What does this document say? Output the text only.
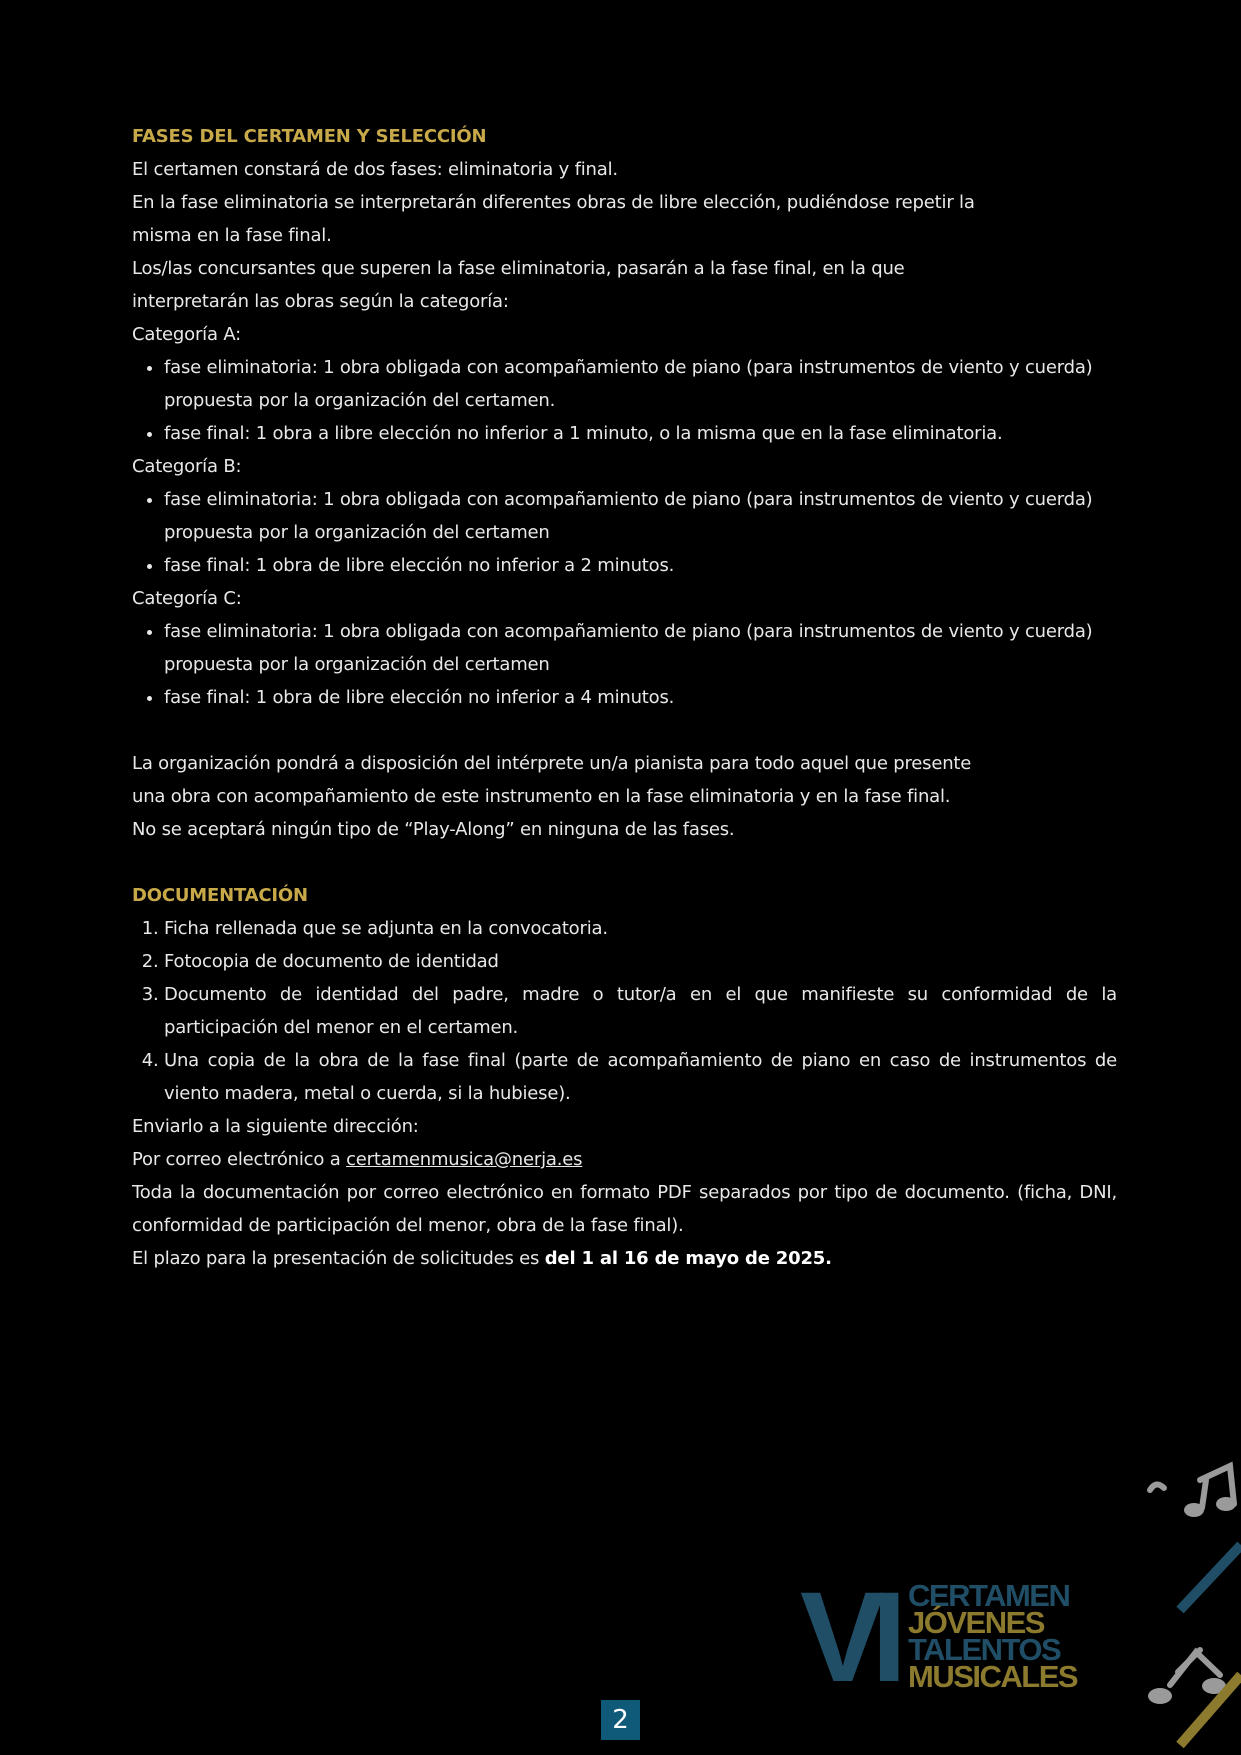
FASES DEL CERTAMEN Y SELECCIÓN

El certamen constará de dos fases: eliminatoria y final.

En la fase eliminatoria se interpretarán diferentes obras de libre elección, pudiéndose repetir la

misma en la fase final.

Los/las concursantes que superen la fase eliminatoria, pasarán a la fase final, en la que

interpretarán las obras según la categoría:

Categoría A:

• fase eliminatoria: 1 obra obligada con acompañamiento de piano (para instrumentos de viento y cuerda) propuesta por la organización del certamen.
• fase final: 1 obra a libre elección no inferior a 1 minuto, o la misma que en la fase eliminatoria.

Categoría B:

• fase eliminatoria: 1 obra obligada con acompañamiento de piano (para instrumentos de viento y cuerda) propuesta por la organización del certamen
• fase final: 1 obra de libre elección no inferior a 2 minutos.

Categoría C:

• fase eliminatoria: 1 obra obligada con acompañamiento de piano (para instrumentos de viento y cuerda) propuesta por la organización del certamen
• fase final: 1 obra de libre elección no inferior a 4 minutos.

La organización pondrá a disposición del intérprete un/a pianista para todo aquel que presente

una obra con acompañamiento de este instrumento en la fase eliminatoria y en la fase final.

No se aceptará ningún tipo de “Play-Along” en ninguna de las fases.

DOCUMENTACIÓN

1. Ficha rellenada que se adjunta en la convocatoria.
2. Fotocopia de documento de identidad
3. Documento de identidad del padre, madre o tutor/a en el que manifieste su conformidad de la participación del menor en el certamen.
4. Una copia de la obra de la fase final (parte de acompañamiento de piano en caso de instrumentos de viento madera, metal o cuerda, si la hubiese).

Enviarlo a la siguiente dirección:

Por correo electrónico a certamenmusica@nerja.es

Toda la documentación por correo electrónico en formato PDF separados por tipo de documento. (ficha, DNI, conformidad de participación del menor, obra de la fase final).

El plazo para la presentación de solicitudes es del 1 al 16 de mayo de 2025.

VI CERTAMEN
JÓVENES
TALENTOS
MUSICALES
2
